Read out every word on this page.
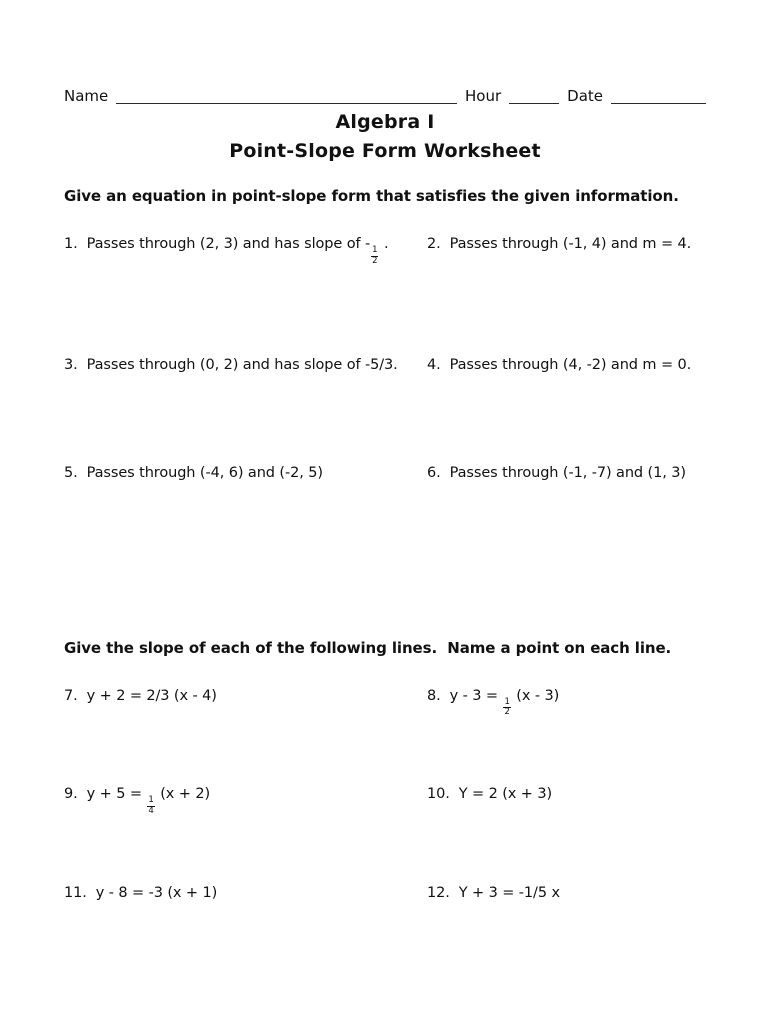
Name	Hour	Date
Algebra I
Point-Slope Form Worksheet
Give an equation in point-slope form that satisfies the given information.
1. Passes through (2, 3) and has slope of -
$\frac{1}{2}$
.	2. Passes through (-1, 4) and m = 4.
3. Passes through (0, 2) and has slope of -5/3.	4. Passes through (4, -2) and m = 0.
5. Passes through (-4, 6) and (-2, 5)	6. Passes through (-1, -7) and (1, 3)
Give the slope of each of the following lines.  Name a point on each line.
7. y + 2 = 2/3 (x - 4)	8. y - 3 =
$\frac{1}{2}$
(x - 3)
9. y + 5 =
$\frac{1}{4}$
(x + 2)	10. Y = 2 (x + 3)
11. y - 8 = -3 (x + 1)	12. Y + 3 = -1/5 x
